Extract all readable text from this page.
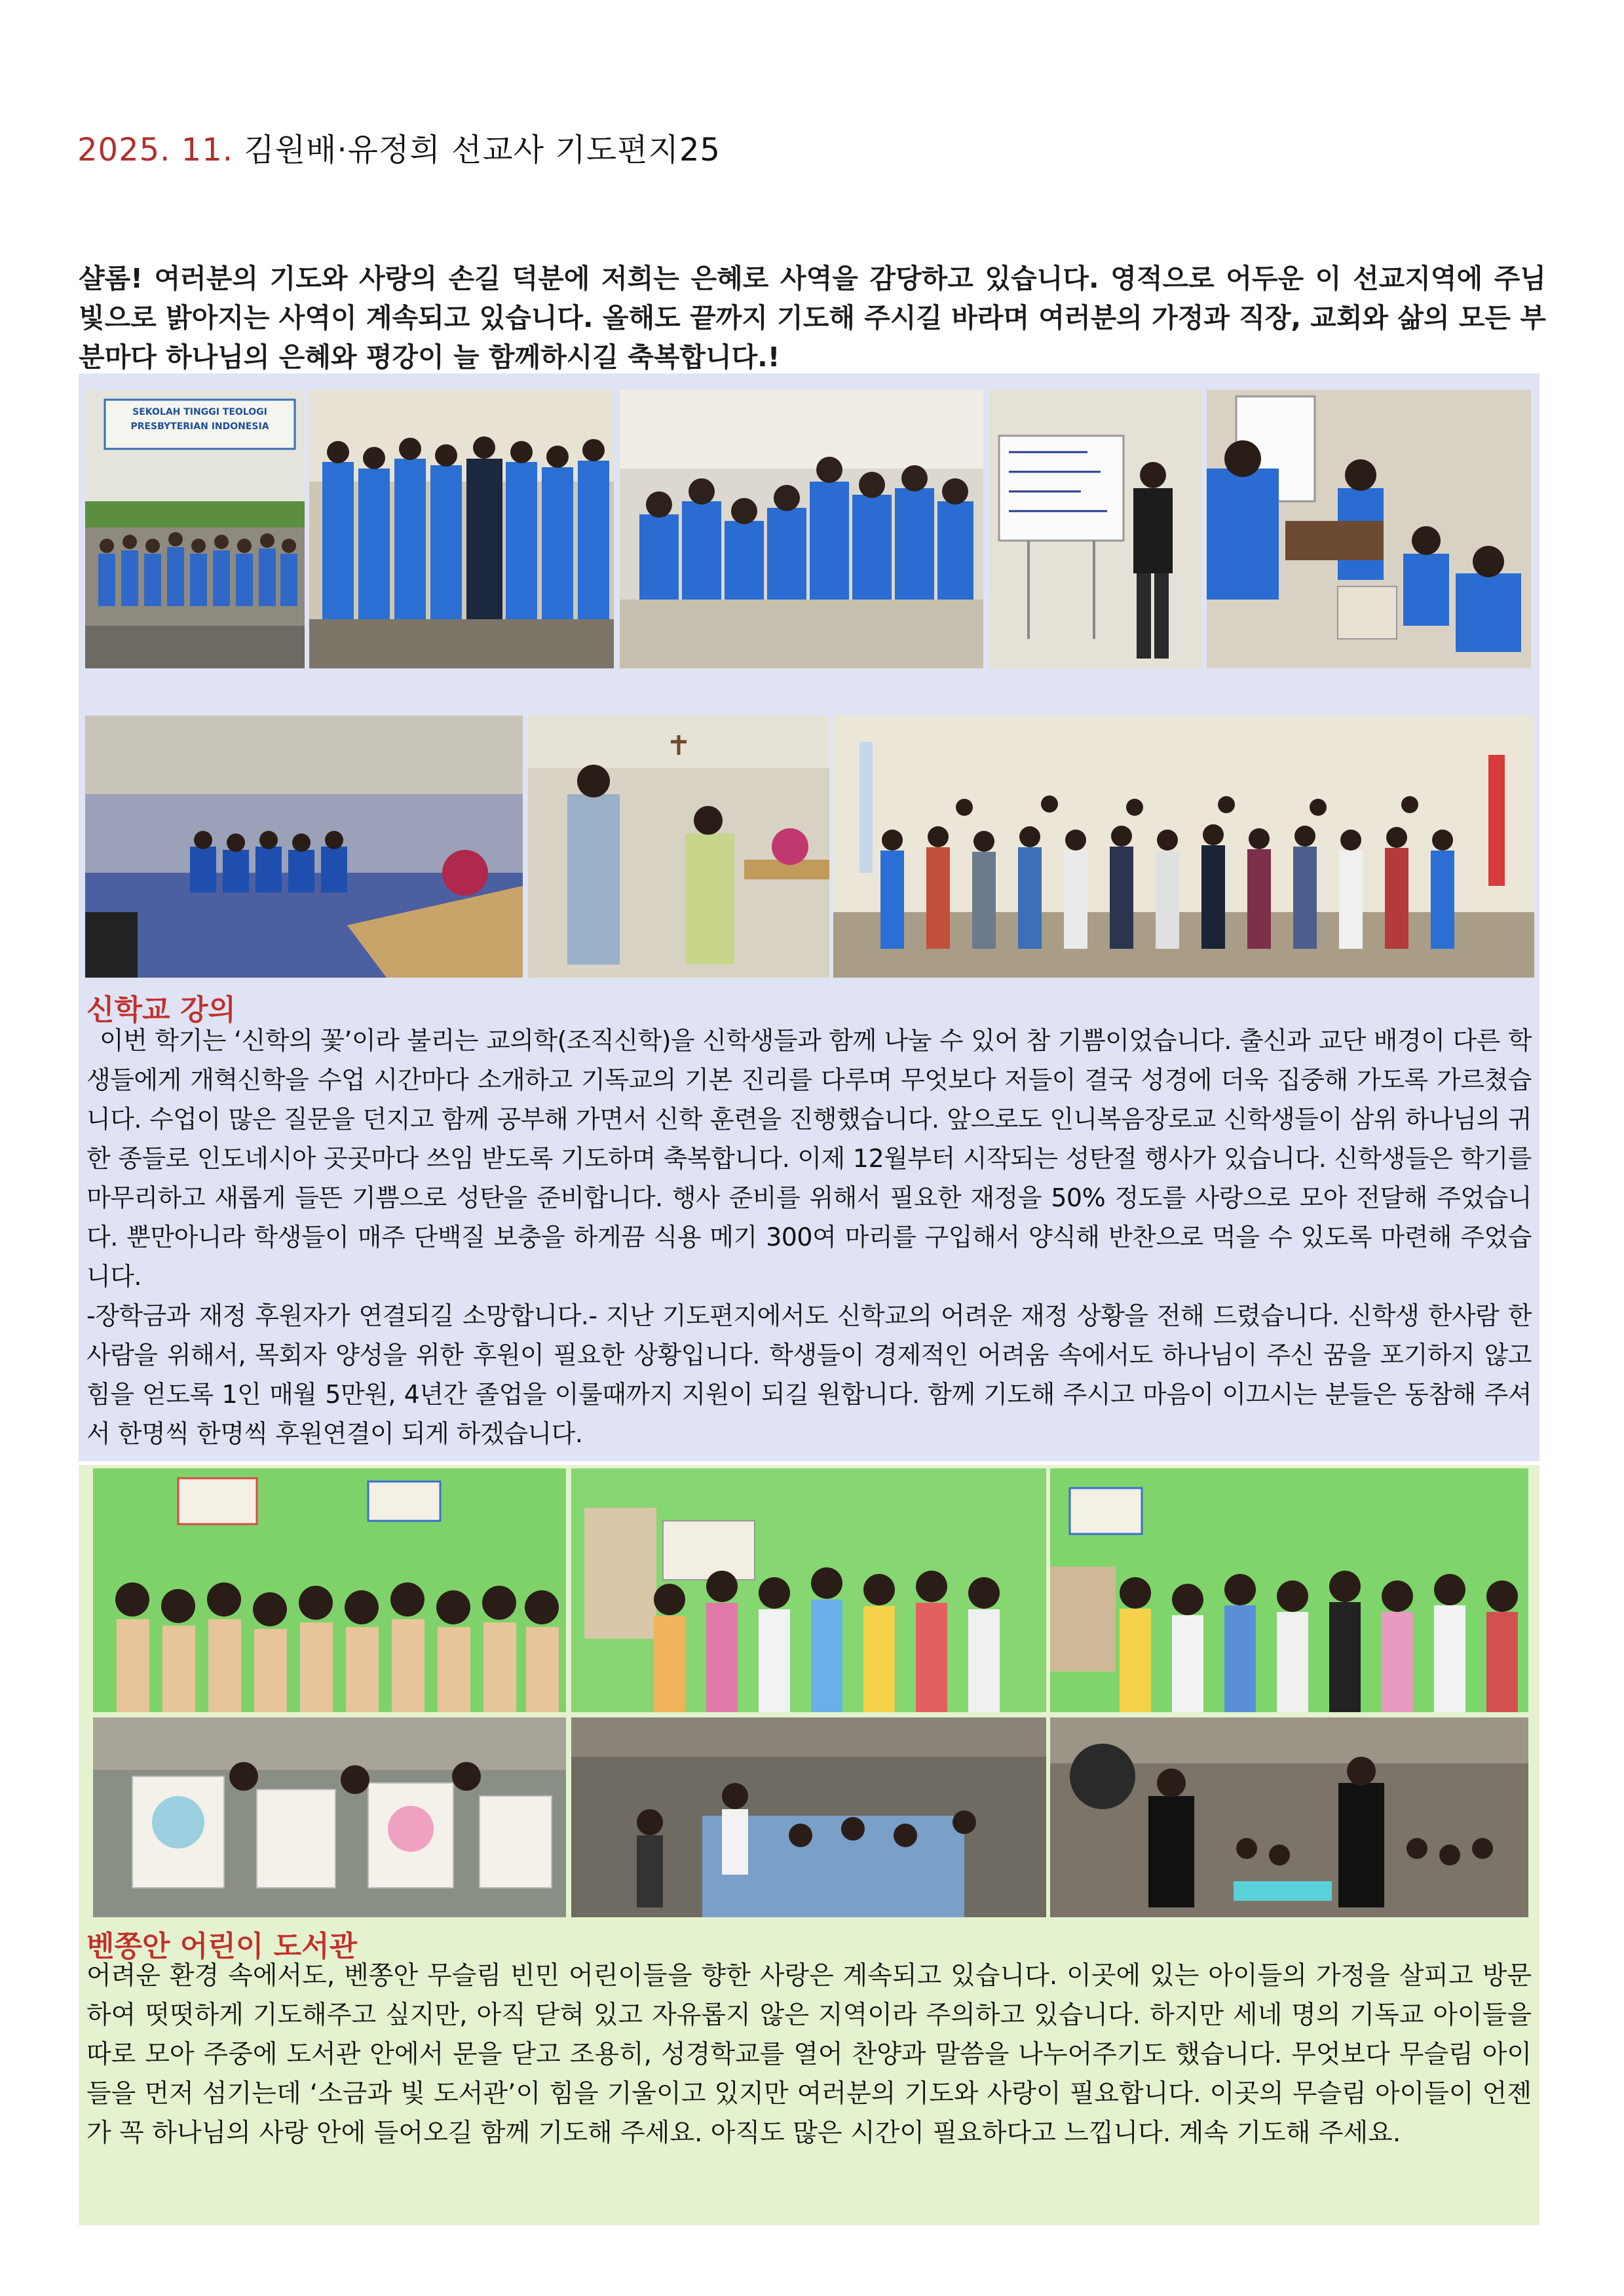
2025. 11. 김원배·유정희 선교사 기도편지25
샬롬! 여러분의 기도와 사랑의 손길 덕분에 저희는 은혜로 사역을 감당하고 있습니다. 영적으로 어두운 이 선교지역에 주님 빛으로 밝아지는 사역이 계속되고 있습니다. 올해도 끝까지 기도해 주시길 바라며 여러분의 가정과 직장, 교회와 삶의 모든 부분마다 하나님의 은혜와 평강이 늘 함께하시길 축복합니다.!
SEKOLAH TINGGI TEOLOGI
PRESBYTERIAN INDONESIA
신학교 강의
이번 학기는 ‘신학의 꽃’이라 불리는 교의학(조직신학)을 신학생들과 함께 나눌 수 있어 참 기쁨이었습니다. 출신과 교단 배경이 다른 학생들에게 개혁신학을 수업 시간마다 소개하고 기독교의 기본 진리를 다루며 무엇보다 저들이 결국 성경에 더욱 집중해 가도록 가르쳤습니다. 수업이 많은 질문을 던지고 함께 공부해 가면서 신학 훈련을 진행했습니다. 앞으로도 인니복음장로교 신학생들이 삼위 하나님의 귀한 종들로 인도네시아 곳곳마다 쓰임 받도록 기도하며 축복합니다. 이제 12월부터 시작되는 성탄절 행사가 있습니다. 신학생들은 학기를 마무리하고 새롭게 들뜬 기쁨으로 성탄을 준비합니다. 행사 준비를 위해서 필요한 재정을 50% 정도를 사랑으로 모아 전달해 주었습니다. 뿐만아니라 학생들이 매주 단백질 보충을 하게끔 식용 메기 300여 마리를 구입해서 양식해 반찬으로 먹을 수 있도록 마련해 주었습니다.
-장학금과 재정 후원자가 연결되길 소망합니다.- 지난 기도편지에서도 신학교의 어려운 재정 상황을 전해 드렸습니다. 신학생 한사람 한사람을 위해서, 목회자 양성을 위한 후원이 필요한 상황입니다. 학생들이 경제적인 어려움 속에서도 하나님이 주신 꿈을 포기하지 않고 힘을 얻도록 1인 매월 5만원, 4년간 졸업을 이룰때까지 지원이 되길 원합니다. 함께 기도해 주시고 마음이 이끄시는 분들은 동참해 주셔서 한명씩 한명씩 후원연결이 되게 하겠습니다.
벤쫑안 어린이 도서관
어려운 환경 속에서도, 벤쫑안 무슬림 빈민 어린이들을 향한 사랑은 계속되고 있습니다. 이곳에 있는 아이들의 가정을 살피고 방문하여 떳떳하게 기도해주고 싶지만, 아직 닫혀 있고 자유롭지 않은 지역이라 주의하고 있습니다. 하지만 세네 명의 기독교 아이들을 따로 모아 주중에 도서관 안에서 문을 닫고 조용히, 성경학교를 열어 찬양과 말씀을 나누어주기도 했습니다. 무엇보다 무슬림 아이들을 먼저 섬기는데 ‘소금과 빛 도서관’이 힘을 기울이고 있지만 여러분의 기도와 사랑이 필요합니다. 이곳의 무슬림 아이들이 언젠가 꼭 하나님의 사랑 안에 들어오길 함께 기도해 주세요. 아직도 많은 시간이 필요하다고 느낍니다. 계속 기도해 주세요.
